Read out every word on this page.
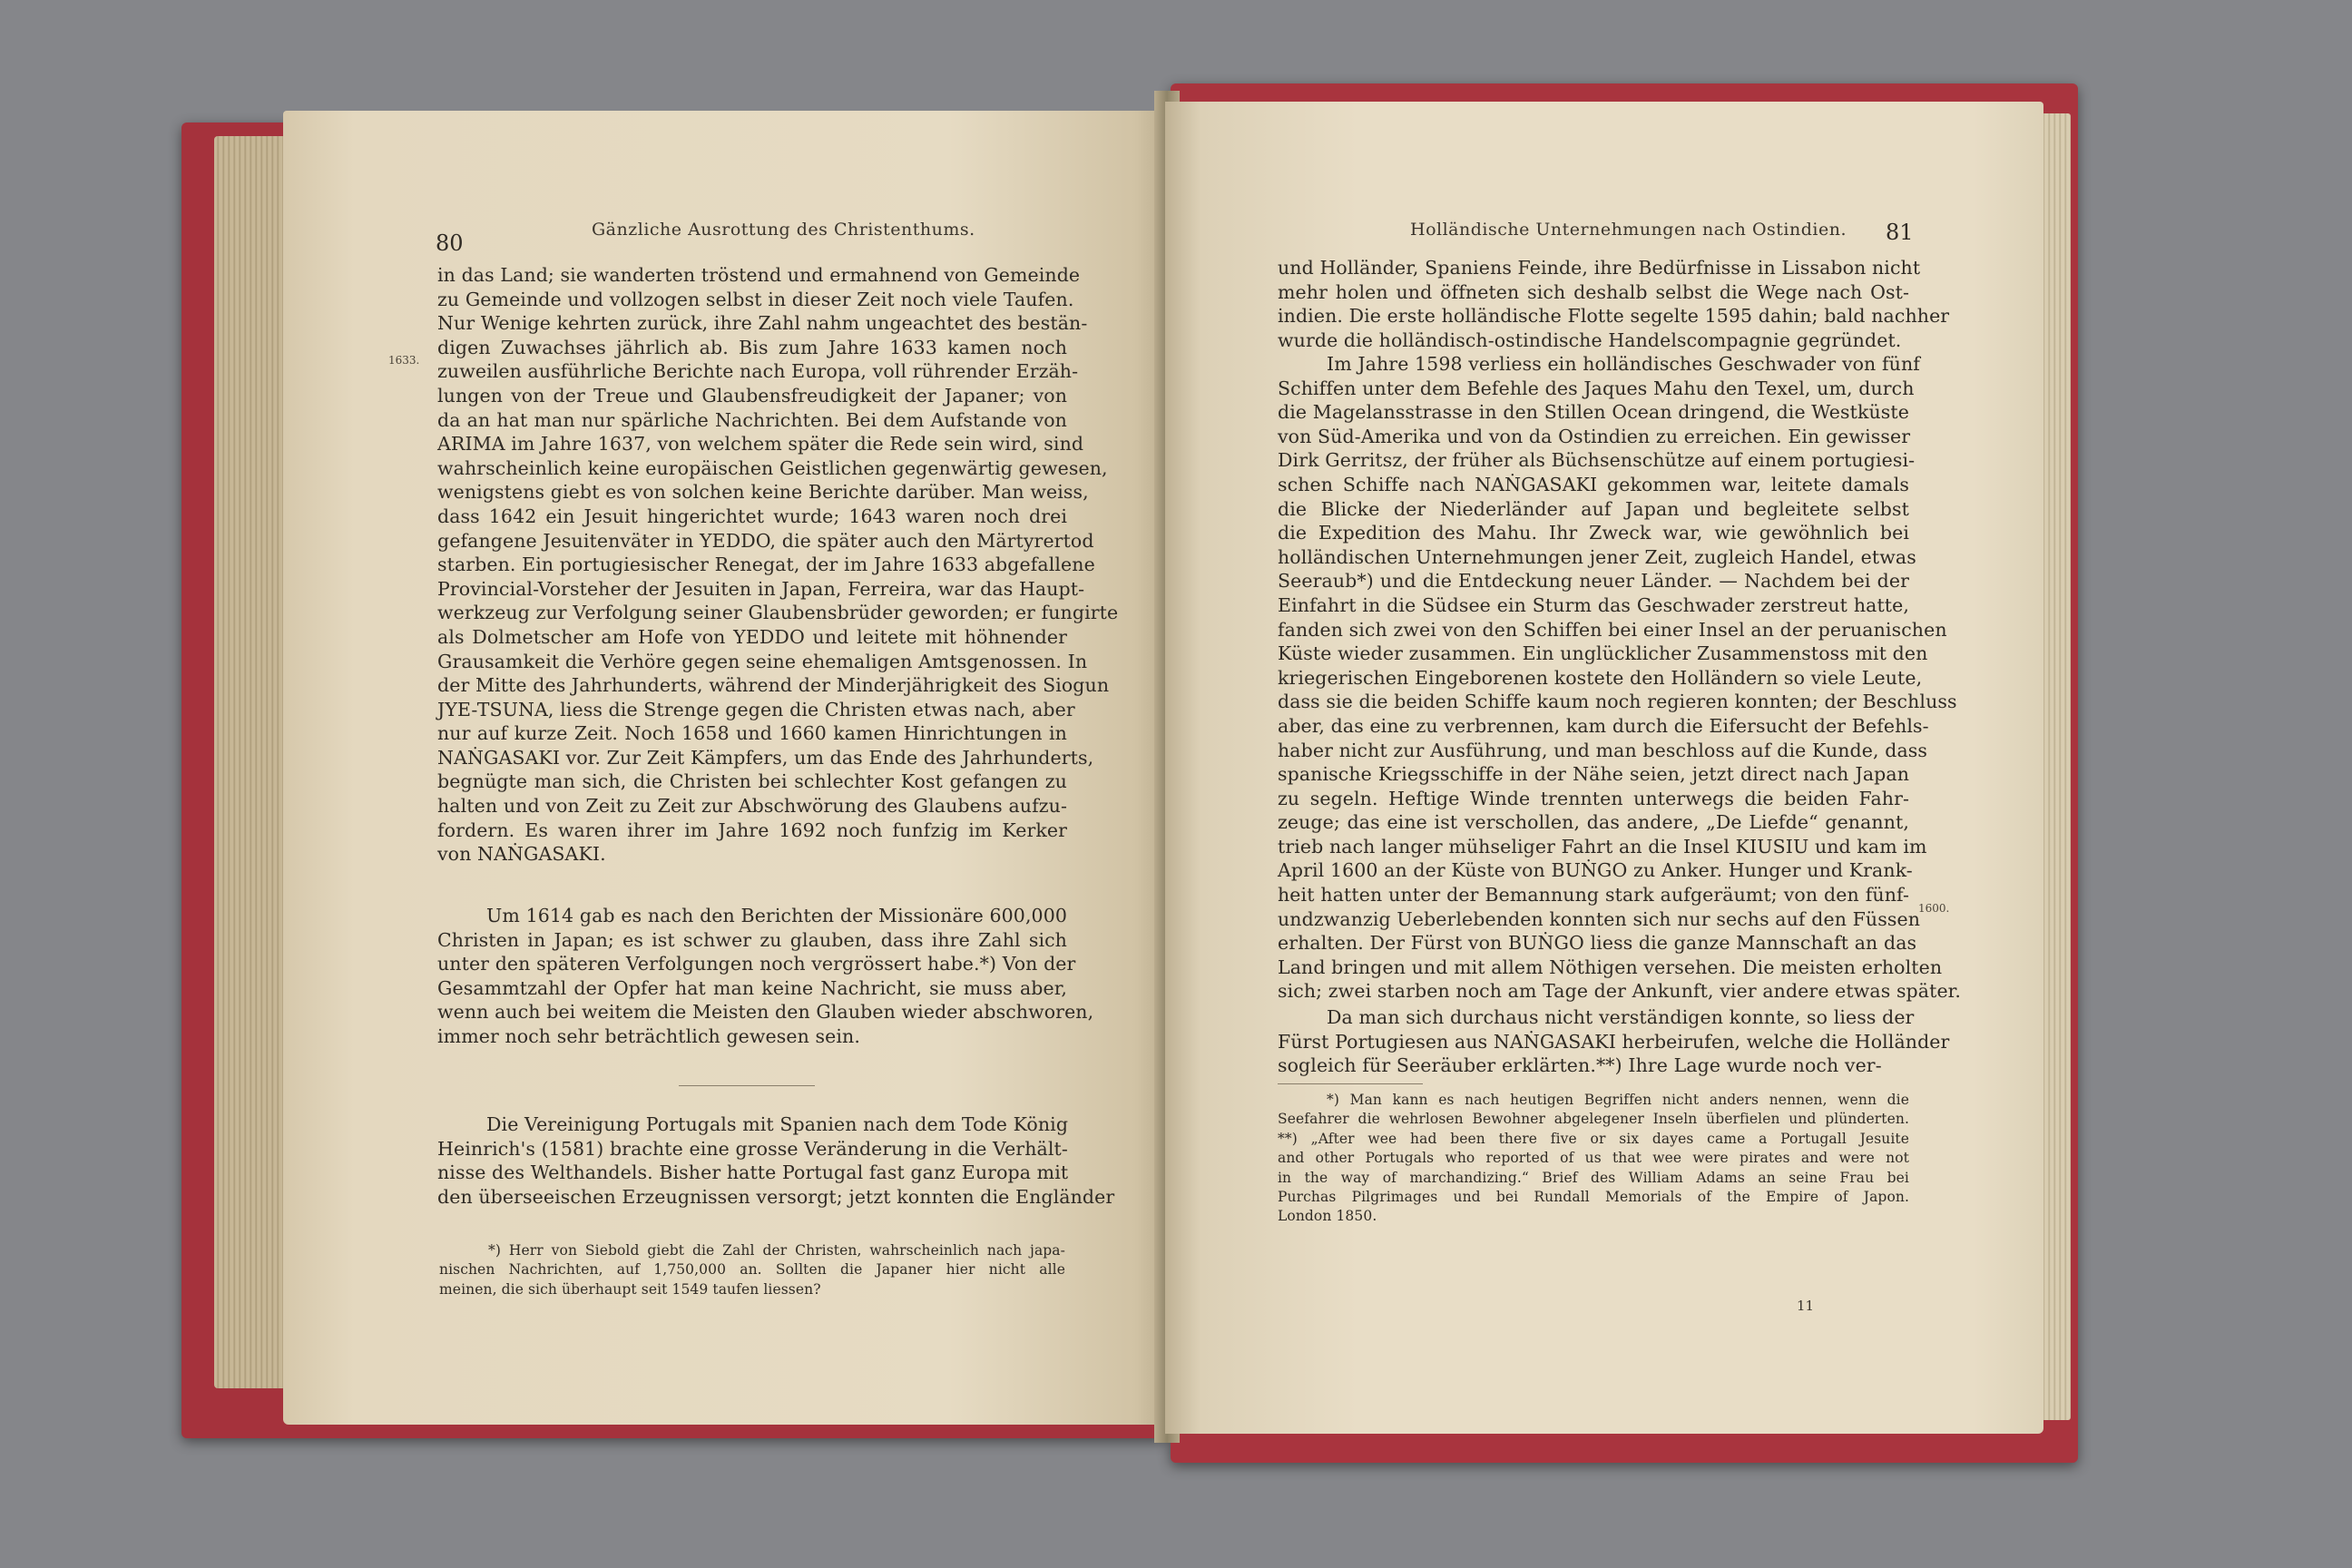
80
Gänzliche Ausrottung des Christenthums.
1633.
in das Land; sie wanderten tröstend und ermahnend von Gemeinde
zu Gemeinde und vollzogen selbst in dieser Zeit noch viele Taufen.
Nur Wenige kehrten zurück, ihre Zahl nahm ungeachtet des bestän-
digen Zuwachses jährlich ab. Bis zum Jahre 1633 kamen noch
zuweilen ausführliche Berichte nach Europa, voll rührender Erzäh-
lungen von der Treue und Glaubensfreudigkeit der Japaner; von
da an hat man nur spärliche Nachrichten. Bei dem Aufstande von
ARIMA im Jahre 1637, von welchem später die Rede sein wird, sind
wahrscheinlich keine europäischen Geistlichen gegenwärtig gewesen,
wenigstens giebt es von solchen keine Berichte darüber. Man weiss,
dass 1642 ein Jesuit hingerichtet wurde; 1643 waren noch drei
gefangene Jesuitenväter in YEDDO, die später auch den Märtyrertod
starben. Ein portugiesischer Renegat, der im Jahre 1633 abgefallene
Provincial-Vorsteher der Jesuiten in Japan, Ferreira, war das Haupt-
werkzeug zur Verfolgung seiner Glaubensbrüder geworden; er fungirte
als Dolmetscher am Hofe von YEDDO und leitete mit höhnender
Grausamkeit die Verhöre gegen seine ehemaligen Amtsgenossen. In
der Mitte des Jahrhunderts, während der Minderjährigkeit des Siogun
JYE-TSUNA, liess die Strenge gegen die Christen etwas nach, aber
nur auf kurze Zeit. Noch 1658 und 1660 kamen Hinrichtungen in
NAṄGASAKI vor. Zur Zeit Kämpfers, um das Ende des Jahrhunderts,
begnügte man sich, die Christen bei schlechter Kost gefangen zu
halten und von Zeit zu Zeit zur Abschwörung des Glaubens aufzu-
fordern. Es waren ihrer im Jahre 1692 noch funfzig im Kerker
von NAṄGASAKI.
Um 1614 gab es nach den Berichten der Missionäre 600,000
Christen in Japan; es ist schwer zu glauben, dass ihre Zahl sich
unter den späteren Verfolgungen noch vergrössert habe.*) Von der
Gesammtzahl der Opfer hat man keine Nachricht, sie muss aber,
wenn auch bei weitem die Meisten den Glauben wieder abschworen,
immer noch sehr beträchtlich gewesen sein.
Die Vereinigung Portugals mit Spanien nach dem Tode König
Heinrich's (1581) brachte eine grosse Veränderung in die Verhält-
nisse des Welthandels. Bisher hatte Portugal fast ganz Europa mit
den überseeischen Erzeugnissen versorgt; jetzt konnten die Engländer
*) Herr von Siebold giebt die Zahl der Christen, wahrscheinlich nach japa-
nischen Nachrichten, auf 1,750,000 an. Sollten die Japaner hier nicht alle
meinen, die sich überhaupt seit 1549 taufen liessen?
Holländische Unternehmungen nach Ostindien. 81
1600.
und Holländer, Spaniens Feinde, ihre Bedürfnisse in Lissabon nicht
mehr holen und öffneten sich deshalb selbst die Wege nach Ost-
indien. Die erste holländische Flotte segelte 1595 dahin; bald nachher
wurde die holländisch-ostindische Handelscompagnie gegründet.
Im Jahre 1598 verliess ein holländisches Geschwader von fünf
Schiffen unter dem Befehle des Jaques Mahu den Texel, um, durch
die Magelansstrasse in den Stillen Ocean dringend, die Westküste
von Süd-Amerika und von da Ostindien zu erreichen. Ein gewisser
Dirk Gerritsz, der früher als Büchsenschütze auf einem portugiesi-
schen Schiffe nach NAṄGASAKI gekommen war, leitete damals
die Blicke der Niederländer auf Japan und begleitete selbst
die Expedition des Mahu. Ihr Zweck war, wie gewöhnlich bei
holländischen Unternehmungen jener Zeit, zugleich Handel, etwas
Seeraub*) und die Entdeckung neuer Länder. — Nachdem bei der
Einfahrt in die Südsee ein Sturm das Geschwader zerstreut hatte,
fanden sich zwei von den Schiffen bei einer Insel an der peruanischen
Küste wieder zusammen. Ein unglücklicher Zusammenstoss mit den
kriegerischen Eingeborenen kostete den Holländern so viele Leute,
dass sie die beiden Schiffe kaum noch regieren konnten; der Beschluss
aber, das eine zu verbrennen, kam durch die Eifersucht der Befehls-
haber nicht zur Ausführung, und man beschloss auf die Kunde, dass
spanische Kriegsschiffe in der Nähe seien, jetzt direct nach Japan
zu segeln. Heftige Winde trennten unterwegs die beiden Fahr-
zeuge; das eine ist verschollen, das andere, „De Liefde“ genannt,
trieb nach langer mühseliger Fahrt an die Insel KIUSIU und kam im
April 1600 an der Küste von BUṄGO zu Anker. Hunger und Krank-
heit hatten unter der Bemannung stark aufgeräumt; von den fünf-
undzwanzig Ueberlebenden konnten sich nur sechs auf den Füssen
erhalten. Der Fürst von BUṄGO liess die ganze Mannschaft an das
Land bringen und mit allem Nöthigen versehen. Die meisten erholten
sich; zwei starben noch am Tage der Ankunft, vier andere etwas später.
Da man sich durchaus nicht verständigen konnte, so liess der
Fürst Portugiesen aus NAṄGASAKI herbeirufen, welche die Holländer
sogleich für Seeräuber erklärten.**) Ihre Lage wurde noch ver-
*) Man kann es nach heutigen Begriffen nicht anders nennen, wenn die
Seefahrer die wehrlosen Bewohner abgelegener Inseln überfielen und plünderten.
**) „After wee had been there five or six dayes came a Portugall Jesuite
and other Portugals who reported of us that wee were pirates and were not
in the way of marchandizing.“ Brief des William Adams an seine Frau bei
Purchas Pilgrimages und bei Rundall Memorials of the Empire of Japon.
London 1850.
11
